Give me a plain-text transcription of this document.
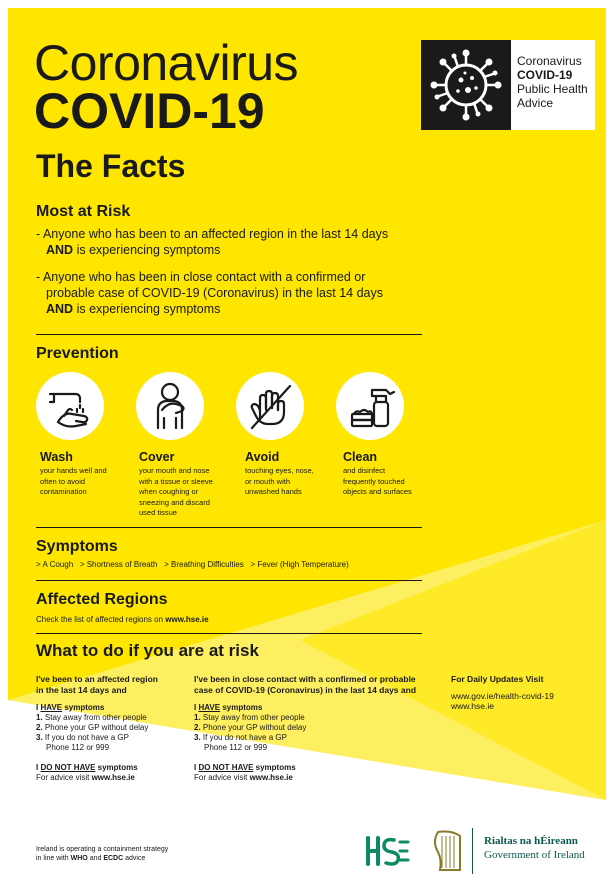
Coronavirus
COVID-19
The Facts
Coronavirus
COVID-19
Public Health
Advice
Most at Risk
- Anyone who has been to an affected region in the last 14 days
AND is experiencing symptoms
- Anyone who has been in close contact with a confirmed or
probable case of COVID-19 (Coronavirus) in the last 14 days
AND is experiencing symptoms
Prevention
Wash
your hands well and
often to avoid
contamination
Cover
your mouth and nose
with a tissue or sleeve
when coughing or
sneezing and discard
used tissue
Avoid
touching eyes, nose,
or mouth with
unwashed hands
Clean
and disinfect
frequently touched
objects and surfaces
Symptoms
> A Cough > Shortness of Breath > Breathing Difficulties > Fever (High Temperature)
Affected Regions
Check the list of affected regions on www.hse.ie
What to do if you are at risk
I've been to an affected region
in the last 14 days and
I HAVE symptoms
1. Stay away from other people
2. Phone your GP without delay
3. If you do not have a GP
Phone 112 or 999
I DO NOT HAVE symptoms
For advice visit www.hse.ie
I've been in close contact with a confirmed or probable
case of COVID-19 (Coronavirus) in the last 14 days and
I HAVE symptoms
1. Stay away from other people
2. Phone your GP without delay
3. If you do not have a GP
Phone 112 or 999
I DO NOT HAVE symptoms
For advice visit www.hse.ie
For Daily Updates Visit
www.gov.ie/health-covid-19
www.hse.ie
Ireland is operating a containment strategy
in line with WHO and ECDC advice
Rialtas na hÉireann
Government of Ireland
